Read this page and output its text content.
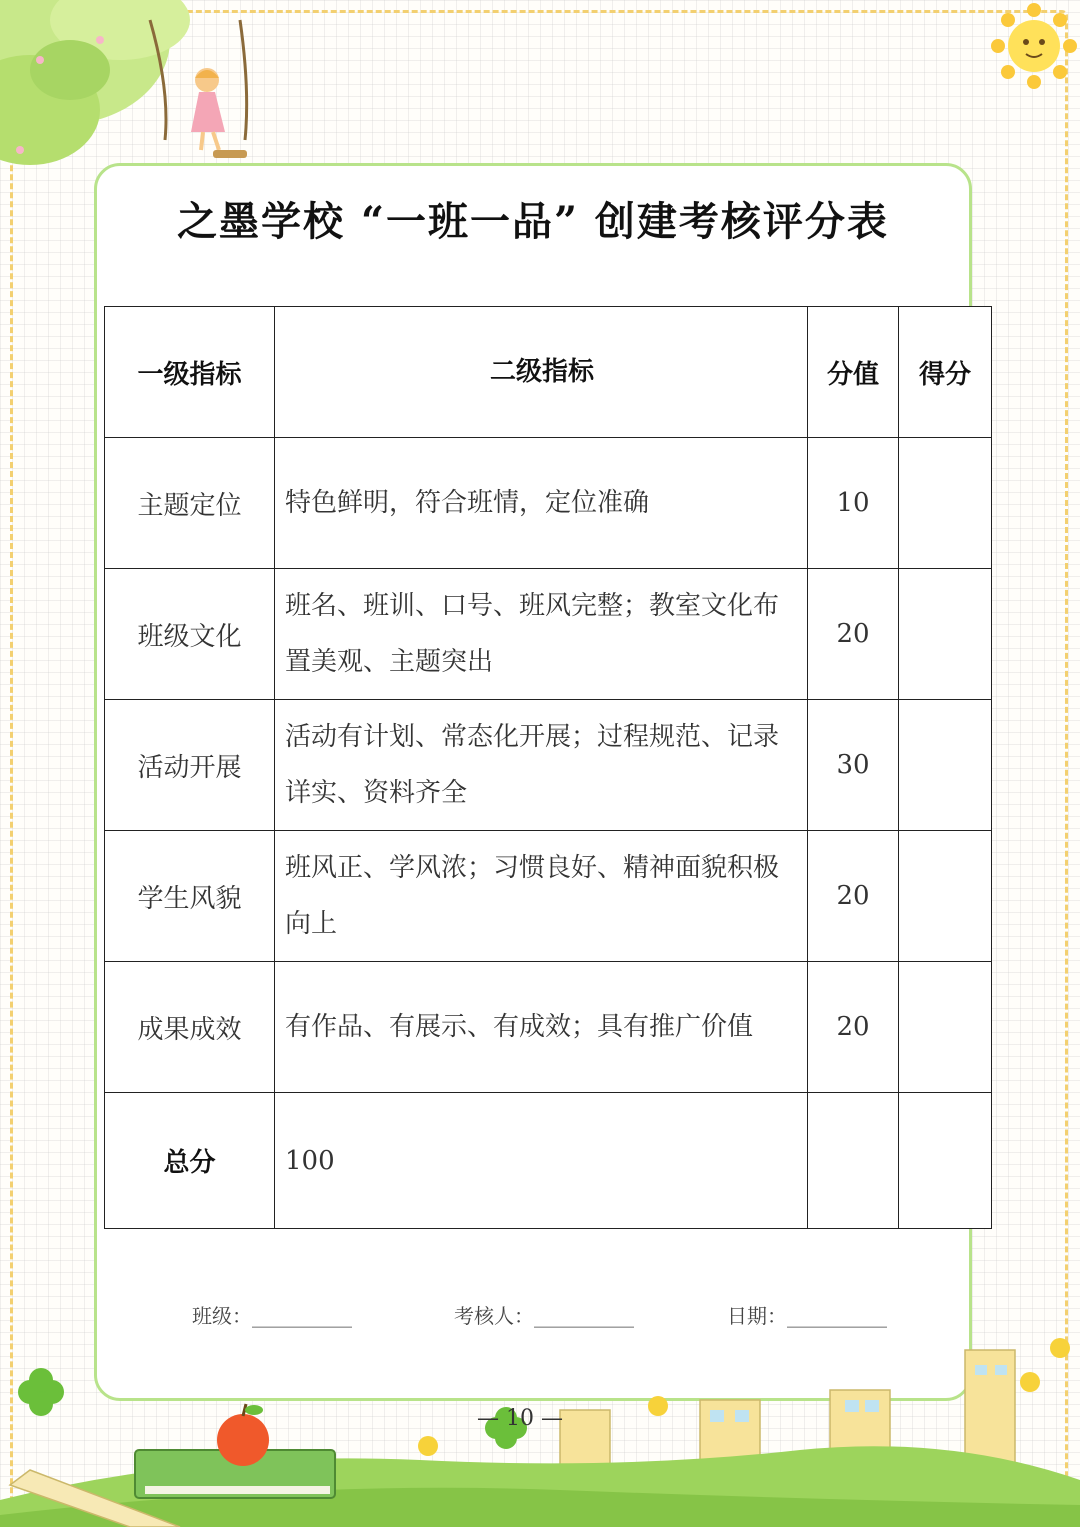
之墨学校 “一班一品” 创建考核评分表
一级指标	二级指标	分值	得分
主题定位	特色鲜明，符合班情，定位准确	10	
班级文化	班名、班训、口号、班风完整；教室文化布置美观、主题突出	20	
活动开展	活动有计划、常态化开展；过程规范、记录详实、资料齐全	30	
学生风貌	班风正、学风浓；习惯良好、精神面貌积极向上	20	
成果成效	有作品、有展示、有成效；具有推广价值	20	
总分	100		
班级：__________	考核人：__________	日期：__________
— 10 —
